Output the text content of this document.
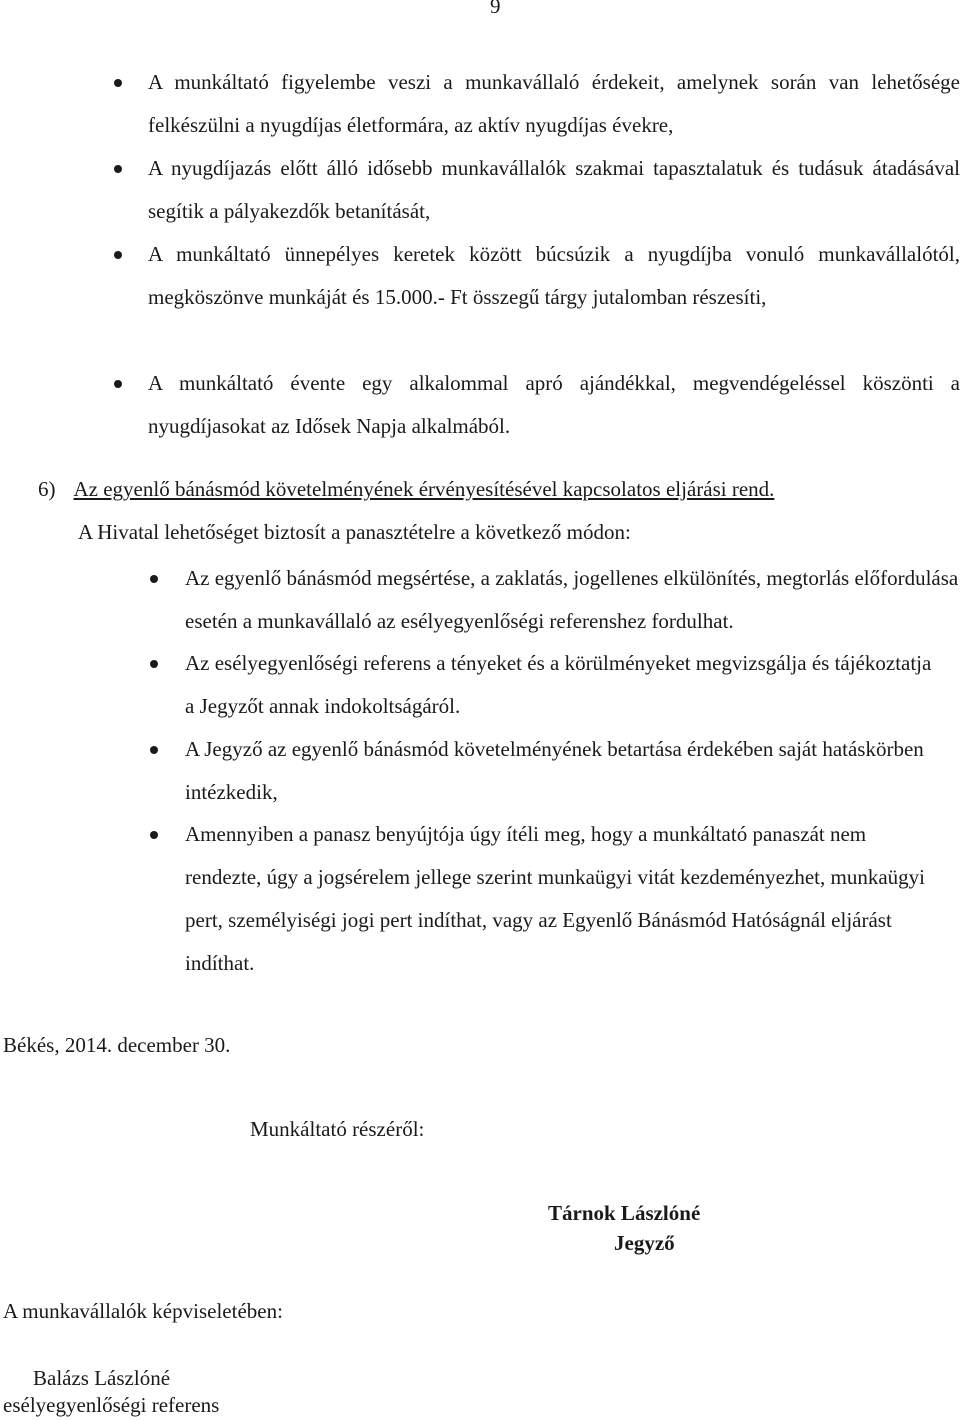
9

A munkáltató figyelembe veszi a munkavállaló érdekeit, amelynek során van lehetősége felkészülni a nyugdíjas életformára, az aktív nyugdíjas évekre,

A nyugdíjazás előtt álló idősebb munkavállalók szakmai tapasztalatuk és tudásuk átadásával segítik a pályakezdők betanítását,

A munkáltató ünnepélyes keretek között búcsúzik a nyugdíjba vonuló munkavállalótól, megköszönve munkáját és 15.000.- Ft összegű tárgy jutalomban részesíti,

A munkáltató évente egy alkalommal apró ajándékkal, megvendégeléssel köszönti a nyugdíjasokat az Idősek Napja alkalmából.

6) Az egyenlő bánásmód követelményének érvényesítésével kapcsolatos eljárási rend.

A Hivatal lehetőséget biztosít a panasztételre a következő módon:

Az egyenlő bánásmód megsértése, a zaklatás, jogellenes elkülönítés, megtorlás előfordulása esetén a munkavállaló az esélyegyenlőségi referenshez fordulhat.

Az esélyegyenlőségi referens a tényeket és a körülményeket megvizsgálja és tájékoztatja a Jegyzőt annak indokoltságáról.

A Jegyző az egyenlő bánásmód követelményének betartása érdekében saját hatáskörben intézkedik,

Amennyiben a panasz benyújtója úgy ítéli meg, hogy a munkáltató panaszát nem rendezte, úgy a jogsérelem jellege szerint munkaügyi vitát kezdeményezhet, munkaügyi pert, személyiségi jogi pert indíthat, vagy az Egyenlő Bánásmód Hatóságnál eljárást indíthat.

Békés, 2014. december 30.

Munkáltató részéről:

Tárnok Lászlóné

Jegyző

A munkavállalók képviseletében:

Balázs Lászlóné

esélyegyenlőségi referens
